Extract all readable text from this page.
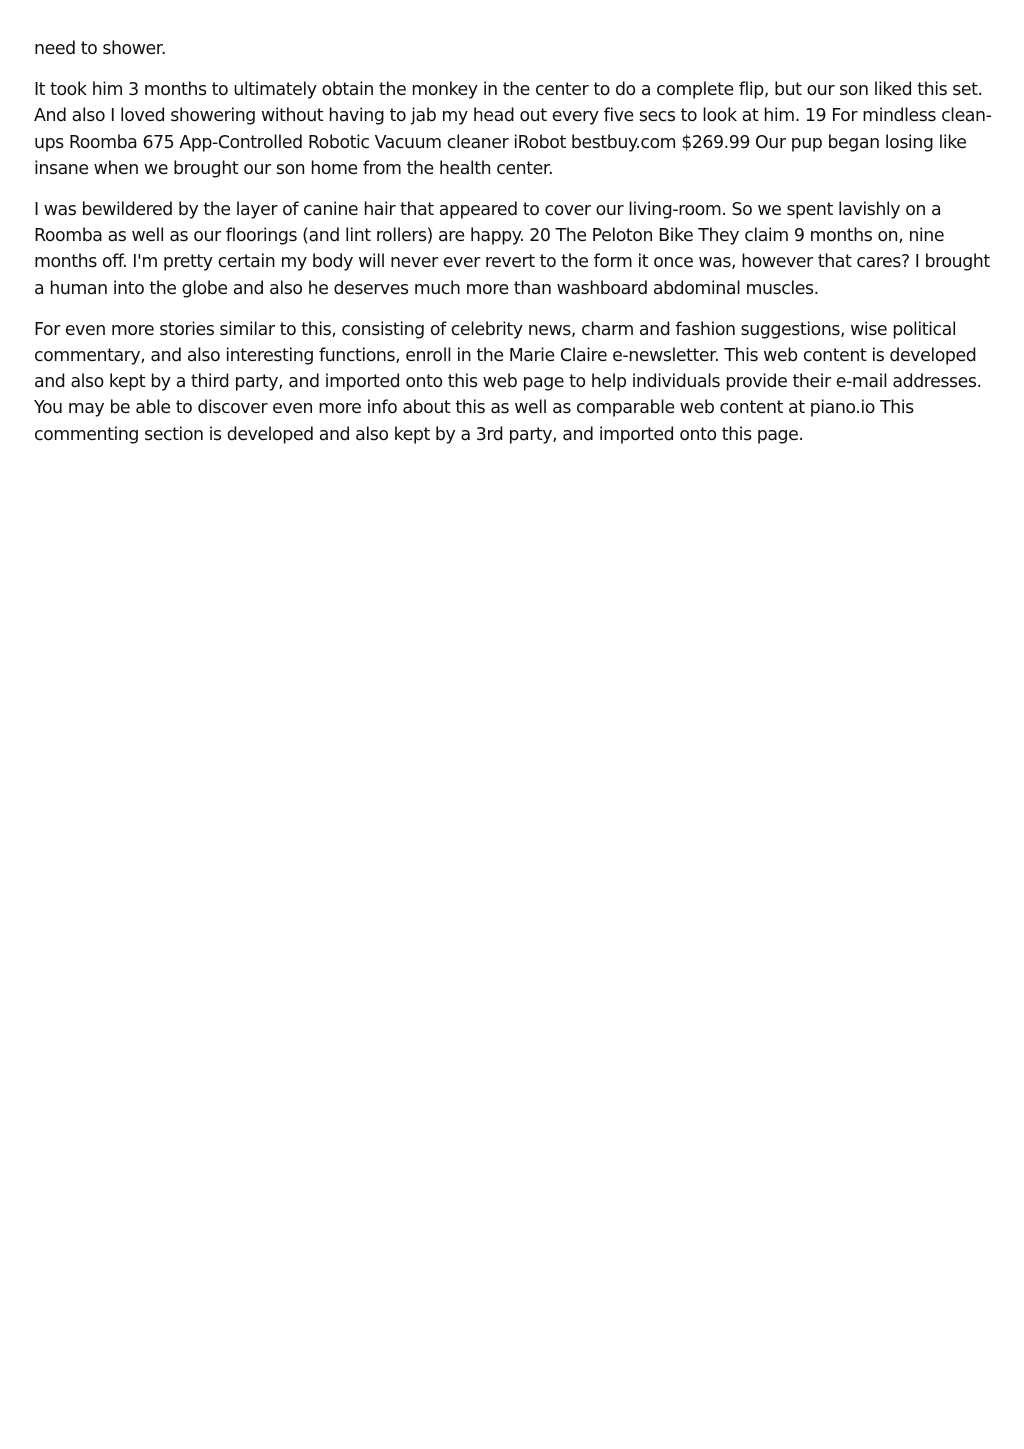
need to shower.

It took him 3 months to ultimately obtain the monkey in the center to do a complete flip, but our son liked this set. And also I loved showering without having to jab my head out every five secs to look at him. 19 For mindless clean-ups Roomba 675 App-Controlled Robotic Vacuum cleaner iRobot bestbuy.com $269.99 Our pup began losing like insane when we brought our son home from the health center.

I was bewildered by the layer of canine hair that appeared to cover our living-room. So we spent lavishly on a Roomba as well as our floorings (and lint rollers) are happy. 20 The Peloton Bike They claim 9 months on, nine months off. I'm pretty certain my body will never ever revert to the form it once was, however that cares? I brought a human into the globe and also he deserves much more than washboard abdominal muscles.

For even more stories similar to this, consisting of celebrity news, charm and fashion suggestions, wise political commentary, and also interesting functions, enroll in the Marie Claire e-newsletter. This web content is developed and also kept by a third party, and imported onto this web page to help individuals provide their e-mail addresses. You may be able to discover even more info about this as well as comparable web content at piano.io This commenting section is developed and also kept by a 3rd party, and imported onto this page.
